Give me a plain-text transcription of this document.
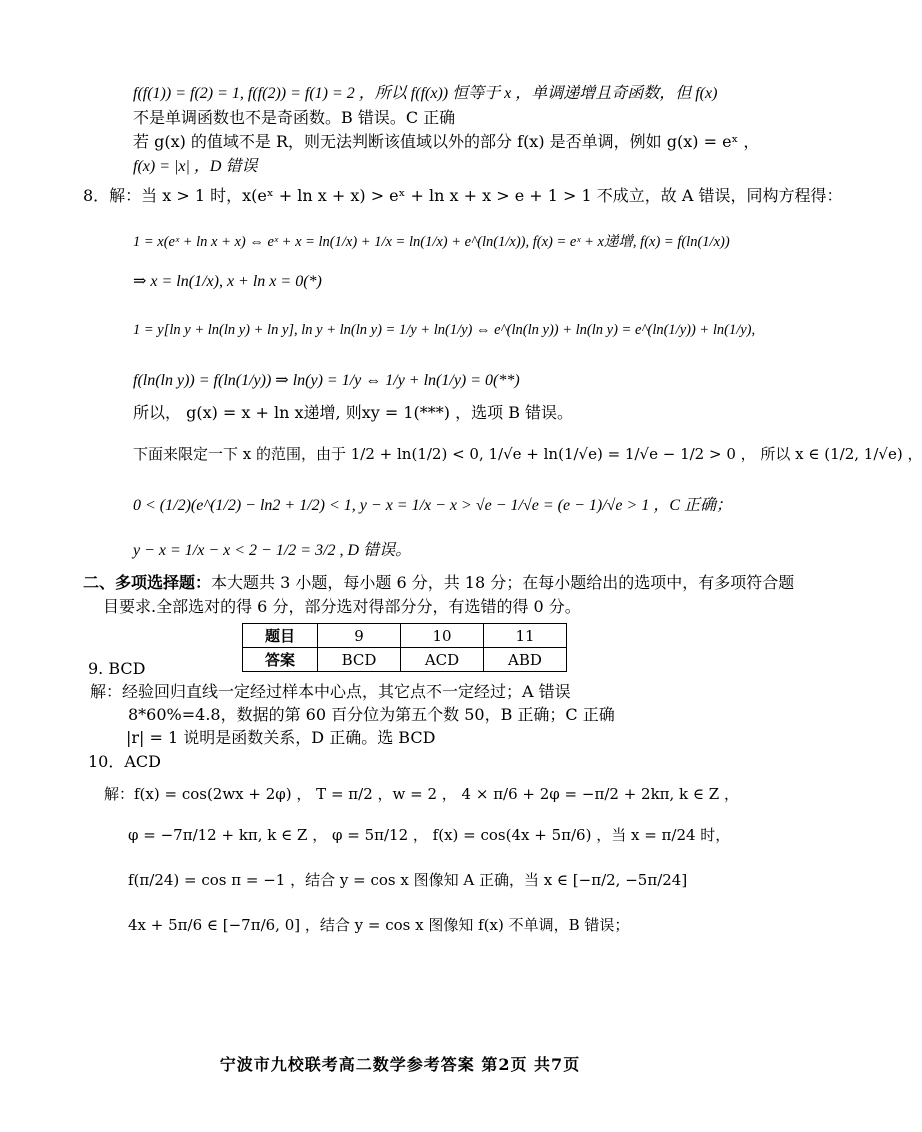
f(f(1)) = f(2) = 1, f(f(2)) = f(1) = 2 ，所以 f(f(x)) 恒等于 x ，单调递增且奇函数，但 f(x)
不是单调函数也不是奇函数。B 错误。C 正确
若 g(x) 的值域不是 R，则无法判断该值域以外的部分 f(x) 是否单调，例如 g(x) = eˣ ，
f(x) = |x| ，D 错误
8．解：当 x > 1 时，x(eˣ + ln x + x) > eˣ + ln x + x > e + 1 > 1 不成立，故 A 错误，同构方程得：
1 = x(eˣ + ln x + x) ⇔ eˣ + x = ln(1/x) + 1/x = ln(1/x) + e^(ln(1/x)), f(x) = eˣ + x递增, f(x) = f(ln(1/x))
⇒ x = ln(1/x), x + ln x = 0(*)
1 = y[ln y + ln(ln y) + ln y], ln y + ln(ln y) = 1/y + ln(1/y) ⇔ e^(ln(ln y)) + ln(ln y) = e^(ln(1/y)) + ln(1/y),
f(ln(ln y)) = f(ln(1/y)) ⇒ ln(y) = 1/y ⇔ 1/y + ln(1/y) = 0(**)
所以， g(x) = x + ln x递增, 则xy = 1(***) ，选项 B 错误。
下面来限定一下 x 的范围，由于 1/2 + ln(1/2) < 0, 1/√e + ln(1/√e) = 1/√e − 1/2 > 0 ， 所以 x ∈ (1/2, 1/√e) ，
0 < (1/2)(e^(1/2) − ln2 + 1/2) < 1, y − x = 1/x − x > √e − 1/√e = (e − 1)/√e > 1 ，C 正确；
y − x = 1/x − x < 2 − 1/2 = 3/2 , D 错误。
二、多项选择题：本大题共 3 小题，每小题 6 分，共 18 分；在每小题给出的选项中，有多项符合题
目要求.全部选对的得 6 分，部分选对得部分分，有选错的得 0 分。
题目	9	10	11
答案	BCD	ACD	ABD
9. BCD
解：经验回归直线一定经过样本中心点，其它点不一定经过；A 错误
8*60%=4.8，数据的第 60 百分位为第五个数 50，B 正确；C 正确
|r| = 1 说明是函数关系，D 正确。选 BCD
10．ACD
解：f(x) = cos(2wx + 2φ) ， T = π/2 ，w = 2 ， 4 × π/6 + 2φ = −π/2 + 2kπ, k ∈ Z ，
φ = −7π/12 + kπ, k ∈ Z ， φ = 5π/12 ， f(x) = cos(4x + 5π/6) ，当 x = π/24 时，
f(π/24) = cos π = −1 ，结合 y = cos x 图像知 A 正确，当 x ∈ [−π/2, −5π/24]
4x + 5π/6 ∈ [−7π/6, 0] ，结合 y = cos x 图像知 f(x) 不单调，B 错误；
宁波市九校联考高二数学参考答案 第2页 共7页
